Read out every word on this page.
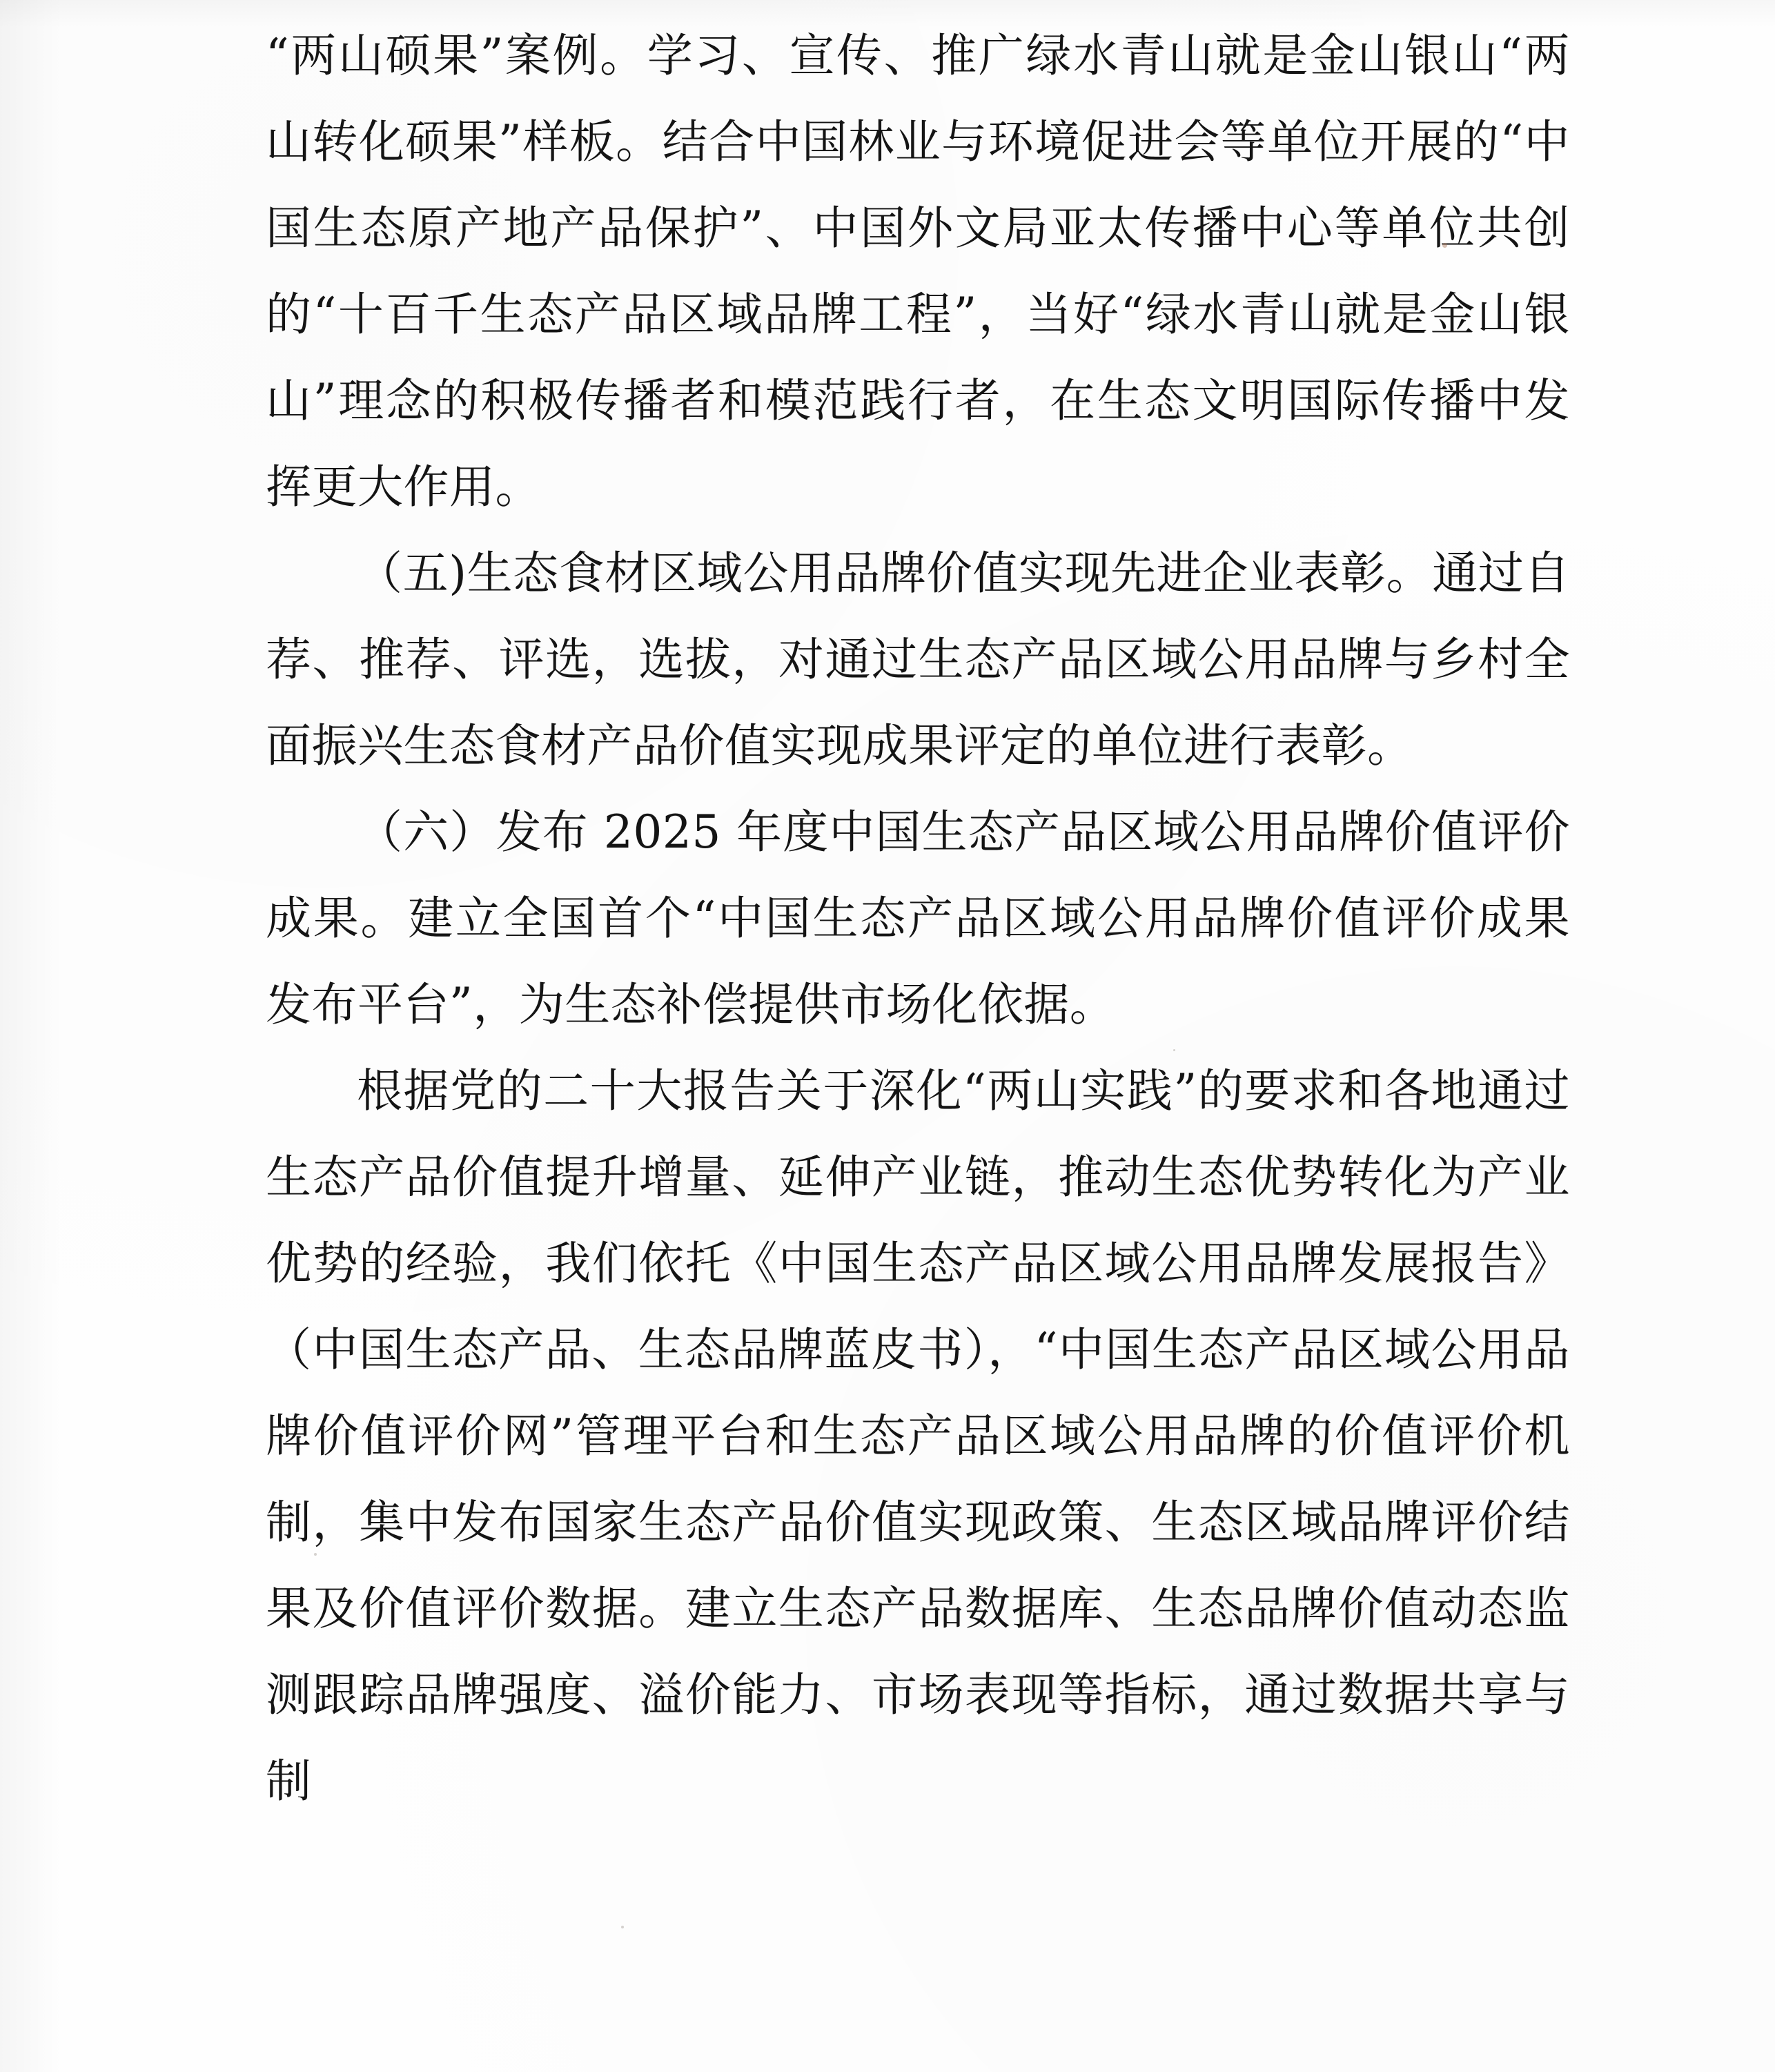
“两山硕果”案例。学习、宣传、推广绿水青山就是金山银山“两山转化硕果”样板。结合中国林业与环境促进会等单位开展的“中国生态原产地产品保护”、中国外文局亚太传播中心等单位共创的“十百千生态产品区域品牌工程”，当好“绿水青山就是金山银山”理念的积极传播者和模范践行者，在生态文明国际传播中发挥更大作用。

（五)生态食材区域公用品牌价值实现先进企业表彰。通过自荐、推荐、评选，选拔，对通过生态产品区域公用品牌与乡村全面振兴生态食材产品价值实现成果评定的单位进行表彰。

（六）发布 2025 年度中国生态产品区域公用品牌价值评价成果。建立全国首个“中国生态产品区域公用品牌价值评价成果发布平台”，为生态补偿提供市场化依据。

根据党的二十大报告关于深化“两山实践”的要求和各地通过生态产品价值提升增量、延伸产业链，推动生态优势转化为产业优势的经验，我们依托《中国生态产品区域公用品牌发展报告》（中国生态产品、生态品牌蓝皮书），“中国生态产品区域公用品牌价值评价网”管理平台和生态产品区域公用品牌的价值评价机制，集中发布国家生态产品价值实现政策、生态区域品牌评价结果及价值评价数据。建立生态产品数据库、生态品牌价值动态监测跟踪品牌强度、溢价能力、市场表现等指标，通过数据共享与制
